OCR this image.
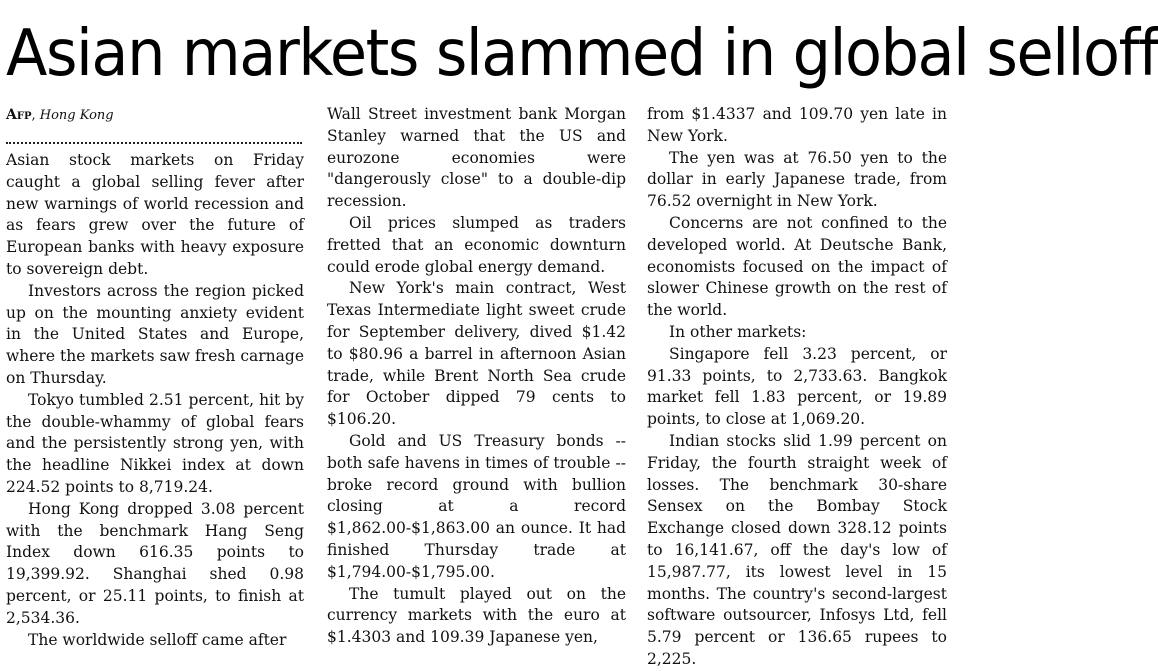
Asian markets slammed in global selloff
Afp, Hong Kong

Asian stock markets on Friday caught a global selling fever after new warnings of world recession and as fears grew over the future of European banks with heavy exposure to sovereign debt.

Investors across the region picked up on the mounting anxiety evident in the United States and Europe, where the markets saw fresh carnage on Thursday.

Tokyo tumbled 2.51 percent, hit by the double-whammy of global fears and the persistently strong yen, with the headline Nikkei index at down 224.52 points to 8,719.24.

Hong Kong dropped 3.08 percent with the benchmark Hang Seng Index down 616.35 points to 19,399.92. Shanghai shed 0.98 percent, or 25.11 points, to finish at 2,534.36.

The worldwide selloff came after

Wall Street investment bank Morgan Stanley warned that the US and eurozone economies were "dangerously close" to a double-dip recession.

Oil prices slumped as traders fretted that an economic downturn could erode global energy demand.

New York's main contract, West Texas Intermediate light sweet crude for September delivery, dived $1.42 to $80.96 a barrel in afternoon Asian trade, while Brent North Sea crude for October dipped 79 cents to $106.20.

Gold and US Treasury bonds -- both safe havens in times of trouble -- broke record ground with bullion closing at a record $1,862.00-$1,863.00 an ounce. It had finished Thursday trade at $1,794.00-$1,795.00.

The tumult played out on the currency markets with the euro at $1.4303 and 109.39 Japanese yen,

from $1.4337 and 109.70 yen late in New York.

The yen was at 76.50 yen to the dollar in early Japanese trade, from 76.52 overnight in New York.

Concerns are not confined to the developed world. At Deutsche Bank, economists focused on the impact of slower Chinese growth on the rest of the world.

In other markets:

Singapore fell 3.23 percent, or 91.33 points, to 2,733.63. Bangkok market fell 1.83 percent, or 19.89 points, to close at 1,069.20.

Indian stocks slid 1.99 percent on Friday, the fourth straight week of losses. The benchmark 30-share Sensex on the Bombay Stock Exchange closed down 328.12 points to 16,141.67, off the day's low of 15,987.77, its lowest level in 15 months. The country's second-largest software outsourcer, Infosys Ltd, fell 5.79 percent or 136.65 rupees to 2,225.
